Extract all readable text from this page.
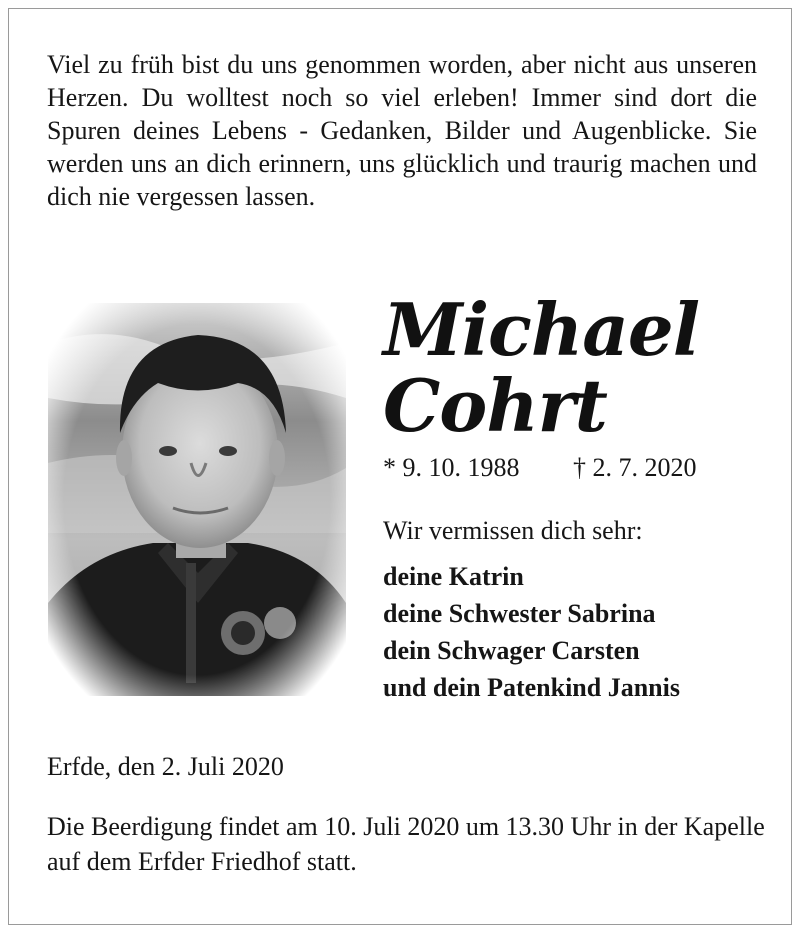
Viel zu früh bist du uns genommen worden, aber nicht aus unseren Herzen. Du wolltest noch so viel erleben! Immer sind dort die Spuren deines Lebens - Gedanken, Bilder und Augenblicke. Sie werden uns an dich erinnern, uns glücklich und traurig machen und dich nie vergessen lassen.

Michael
Cohrt
* 9. 10. 1988 † 2. 7. 2020
Wir vermissen dich sehr:
deine Katrin
deine Schwester Sabrina
dein Schwager Carsten
und dein Patenkind Jannis
Erfde, den 2. Juli 2020

Die Beerdigung findet am 10. Juli 2020 um 13.30 Uhr in der Kapelle auf dem Erfder Friedhof statt.
